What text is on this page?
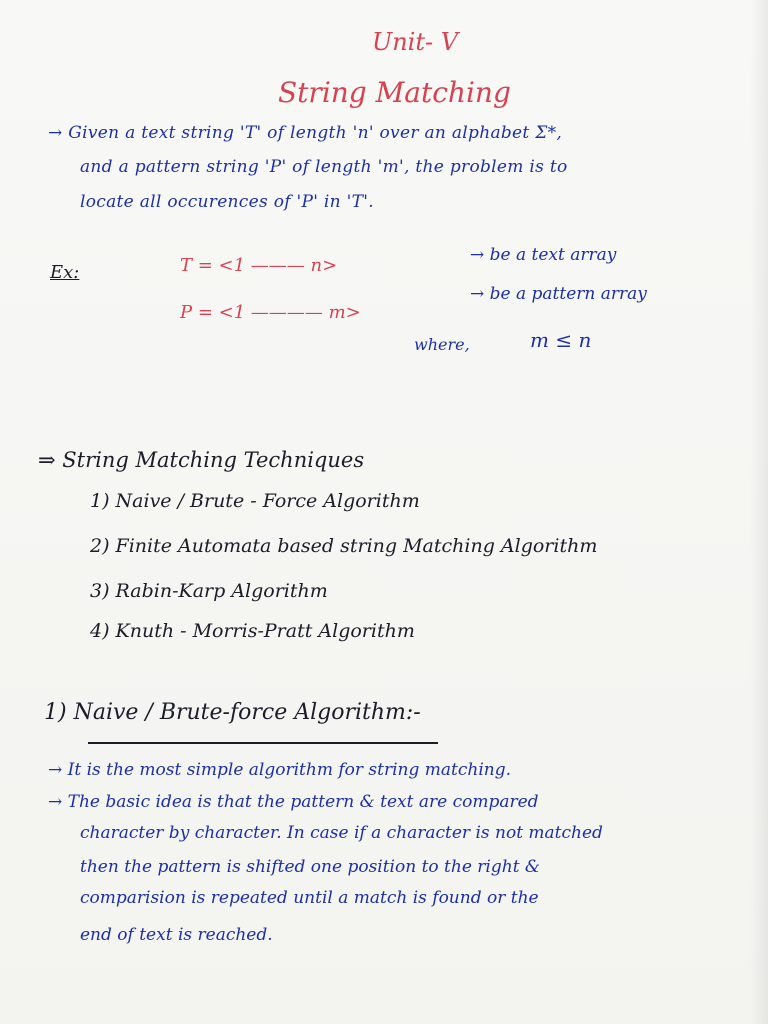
Unit- V
String Matching
→ Given a text string 'T' of length 'n' over an alphabet Σ*,
and a pattern string 'P' of length 'm', the problem is to
locate all occurences of 'P' in 'T'.
Ex:	T = <1 ——— n>	→ be a text array
P = <1 ———— m>
→ be a pattern array
where,	m ≤ n
⇒ String Matching Techniques
1) Naive / Brute - Force Algorithm
2) Finite Automata based string Matching Algorithm
3) Rabin-Karp Algorithm
4) Knuth - Morris-Pratt Algorithm
1) Naive / Brute-force Algorithm:-
→ It is the most simple algorithm for string matching.
→ The basic idea is that the pattern & text are compared
character by character. In case if a character is not matched
then the pattern is shifted one position to the right &
comparision is repeated until a match is found or the
end of text is reached.
